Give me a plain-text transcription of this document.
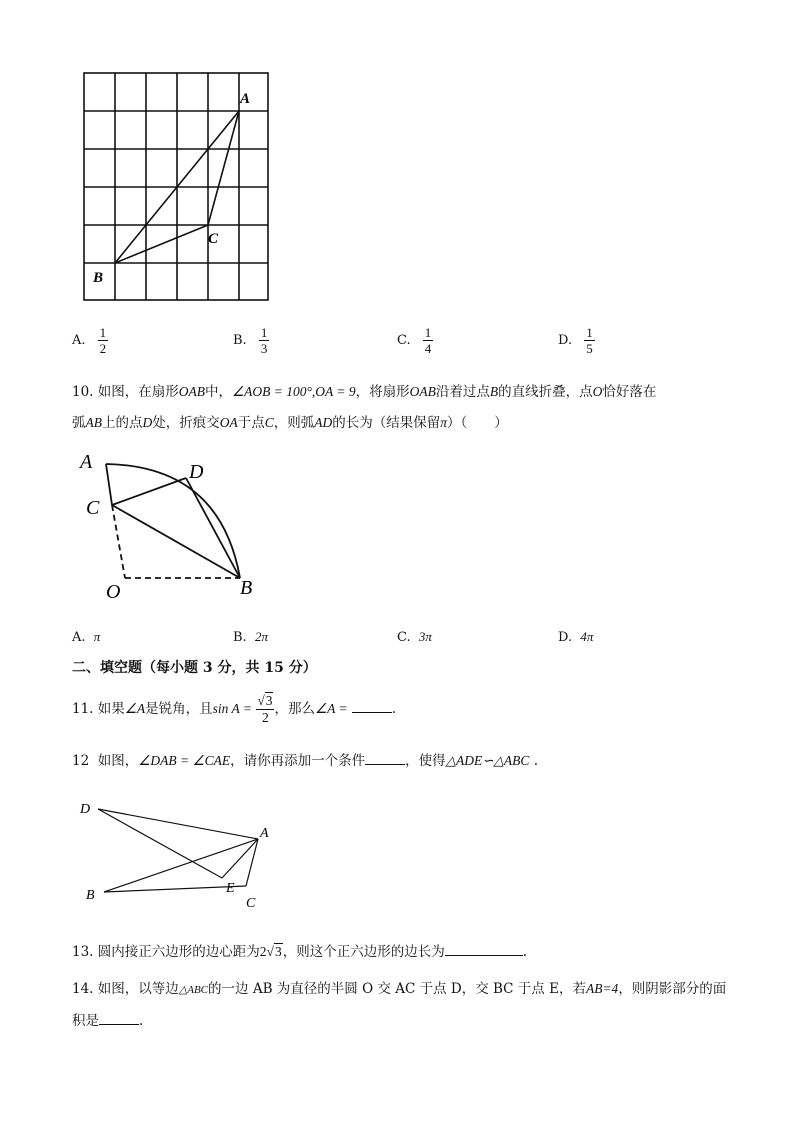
A
C
B
A. $\frac{1}{2}$	B. $\frac{1}{3}$	C. $\frac{1}{4}$	D. $\frac{1}{5}$
10. 如图，在扇形OAB中，∠AOB = 100°,OA = 9，将扇形OAB沿着过点B的直线折叠，点O恰好落在
弧AB上的点D处，折痕交OA于点C，则弧AD的长为（结果保留π）（　　）
A	D
C
O	B
A. π	B. 2π	C. 3π	D. 4π
二、填空题（每小题 3 分，共 15 分）
11. 如果∠A是锐角，且$\sin A = \frac{√3}{2}$ ，那么∠A =	.
12 如图，∠DAB = ∠CAE，请你再添加一个条件	，使得△ADE∽△ABC .
D
A
E
B
C
13. 圆内接正六边形的边心距为2√3，则这个正六边形的边长为	.
14. 如图，以等边△ABC的一边 AB 为直径的半圆 O 交 AC 于点 D，交 BC 于点 E，若AB=4，则阴影部分的面
积是	.
